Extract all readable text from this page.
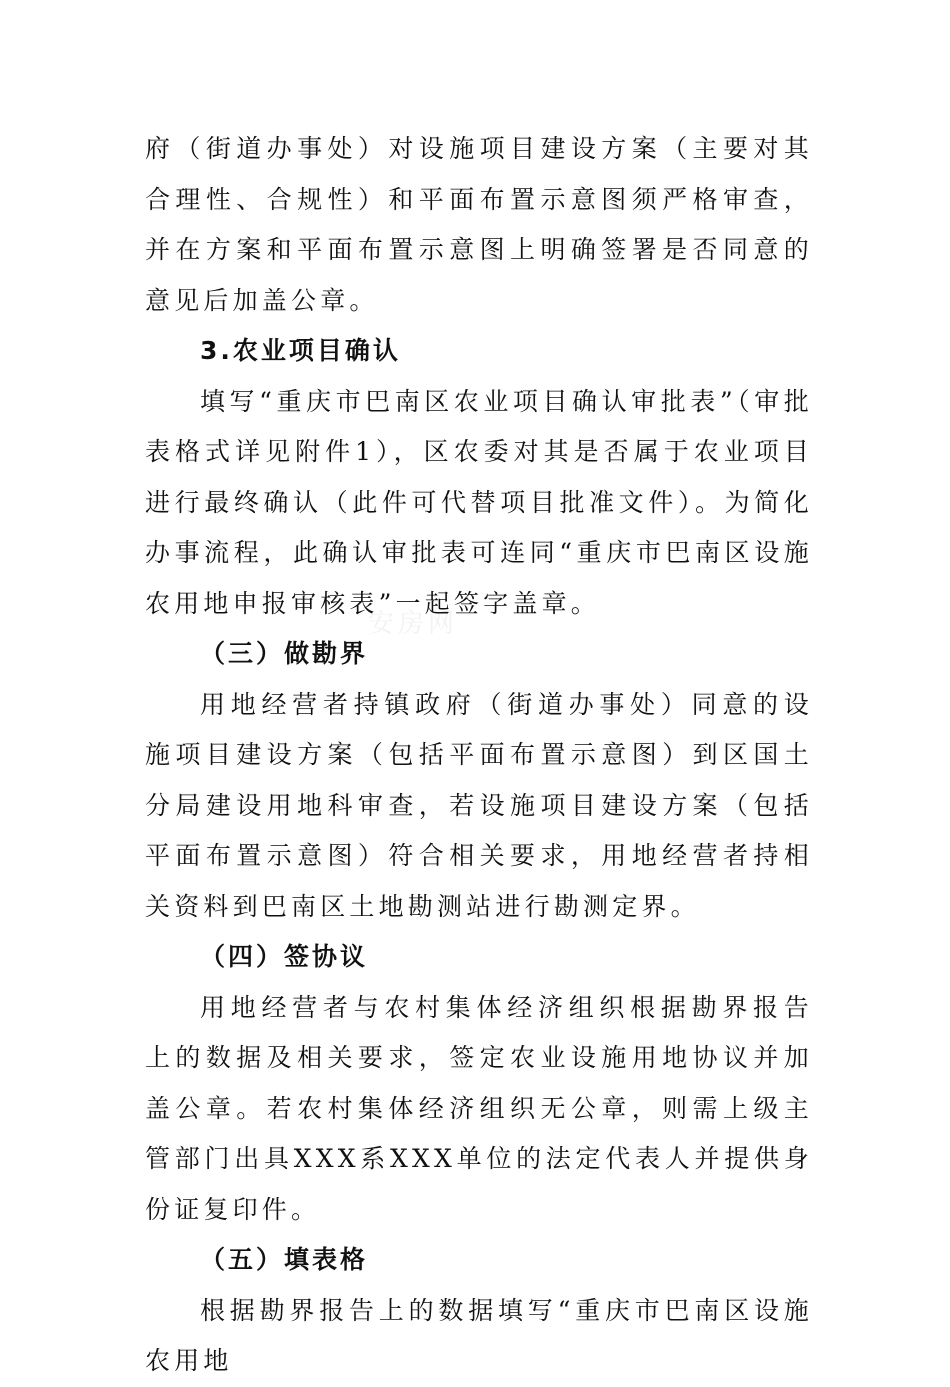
安房网

府（街道办事处）对设施项目建设方案（主要对其合理性、合规性）和平面布置示意图须严格审查，并在方案和平面布置示意图上明确签署是否同意的意见后加盖公章。

3.农业项目确认

填写“重庆市巴南区农业项目确认审批表”（审批表格式详见附件1），区农委对其是否属于农业项目进行最终确认（此件可代替项目批准文件）。为简化办事流程，此确认审批表可连同“重庆市巴南区设施农用地申报审核表”一起签字盖章。

（三）做勘界

用地经营者持镇政府（街道办事处）同意的设施项目建设方案（包括平面布置示意图）到区国土分局建设用地科审查，若设施项目建设方案（包括平面布置示意图）符合相关要求，用地经营者持相关资料到巴南区土地勘测站进行勘测定界。

（四）签协议

用地经营者与农村集体经济组织根据勘界报告上的数据及相关要求，签定农业设施用地协议并加盖公章。若农村集体经济组织无公章，则需上级主管部门出具XXX系XXX单位的法定代表人并提供身份证复印件。

（五）填表格

根据勘界报告上的数据填写“重庆市巴南区设施农用地
